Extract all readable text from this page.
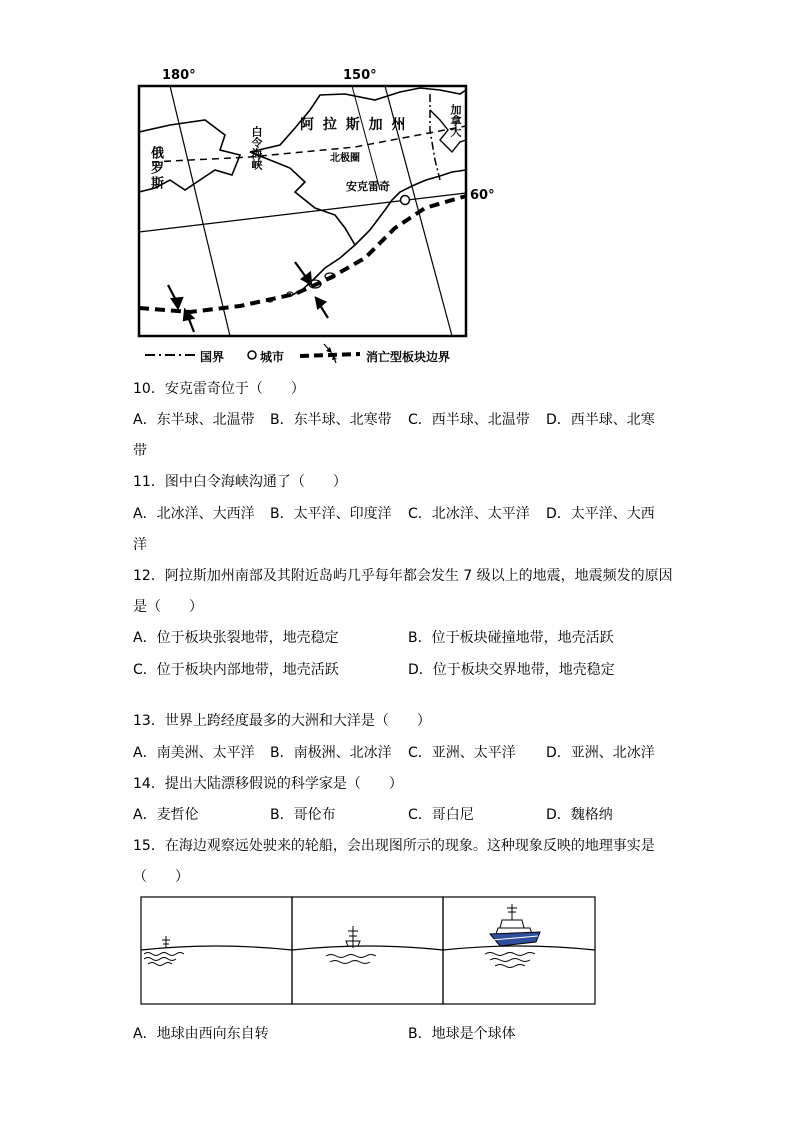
180°	150°
60°
俄罗斯	白令海峡
阿 拉 斯 加 州	加拿大
北极圈
安克雷奇
国界	城市	消亡型板块边界
10．安克雷奇位于（　　）
A．东半球、北温带 B．东半球、北寒带 C．西半球、北温带 D．西半球、北寒
带
11．图中白令海峡沟通了（　　）
A．北冰洋、大西洋 B．太平洋、印度洋 C．北冰洋、太平洋 D．太平洋、大西
洋
12．阿拉斯加州南部及其附近岛屿几乎每年都会发生 7 级以上的地震，地震频发的原因
是（　　）
A．位于板块张裂地带，地壳稳定	B．位于板块碰撞地带，地壳活跃
C．位于板块内部地带，地壳活跃	D．位于板块交界地带，地壳稳定
13．世界上跨经度最多的大洲和大洋是（　　）
A．南美洲、太平洋 B．南极洲、北冰洋 C．亚洲、太平洋 D．亚洲、北冰洋
14．提出大陆漂移假说的科学家是（　　）
A．麦哲伦	B．哥伦布	C．哥白尼	D．魏格纳
15．在海边观察远处驶来的轮船，会出现图所示的现象。这种现象反映的地理事实是
（　　）
A．地球由西向东自转	B．地球是个球体
